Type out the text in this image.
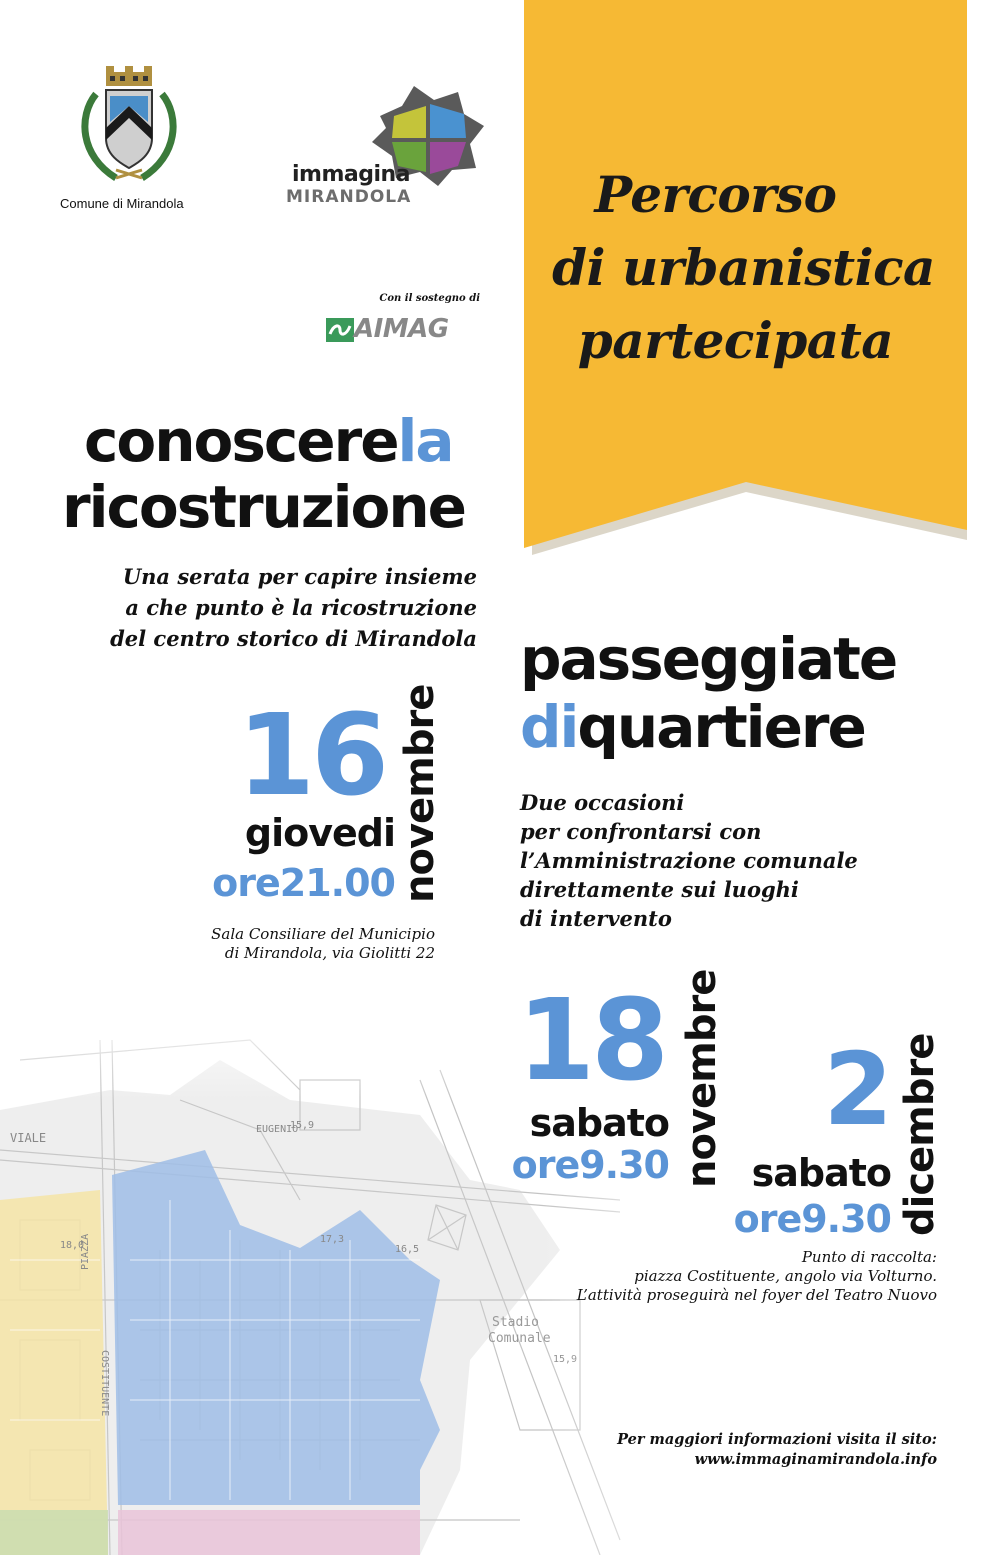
Percorso
di urbanistica
partecipata
Comune di Mirandola
immagina
MIRANDOLA
Con il sostegno di
AIMAG
conoscerela
ricostruzione
Una serata per capire insieme
a che punto è la ricostruzione
del centro storico di Mirandola
16
giovedi
ore21.00 novembre
Sala Consiliare del Municipio
di Mirandola, via Giolitti 22
passeggiate
diquartiere
Due occasioni
per confrontarsi con
l’Amministrazione comunale
direttamente sui luoghi
di intervento
18
sabato
ore9.30 novembre 2
sabato
ore9.30 dicembre
Punto di raccolta:
piazza Costituente, angolo via Volturno.
L’attività proseguirà nel foyer del Teatro Nuovo
Per maggiori informazioni visita il sito:
www.immaginamirandola.info
